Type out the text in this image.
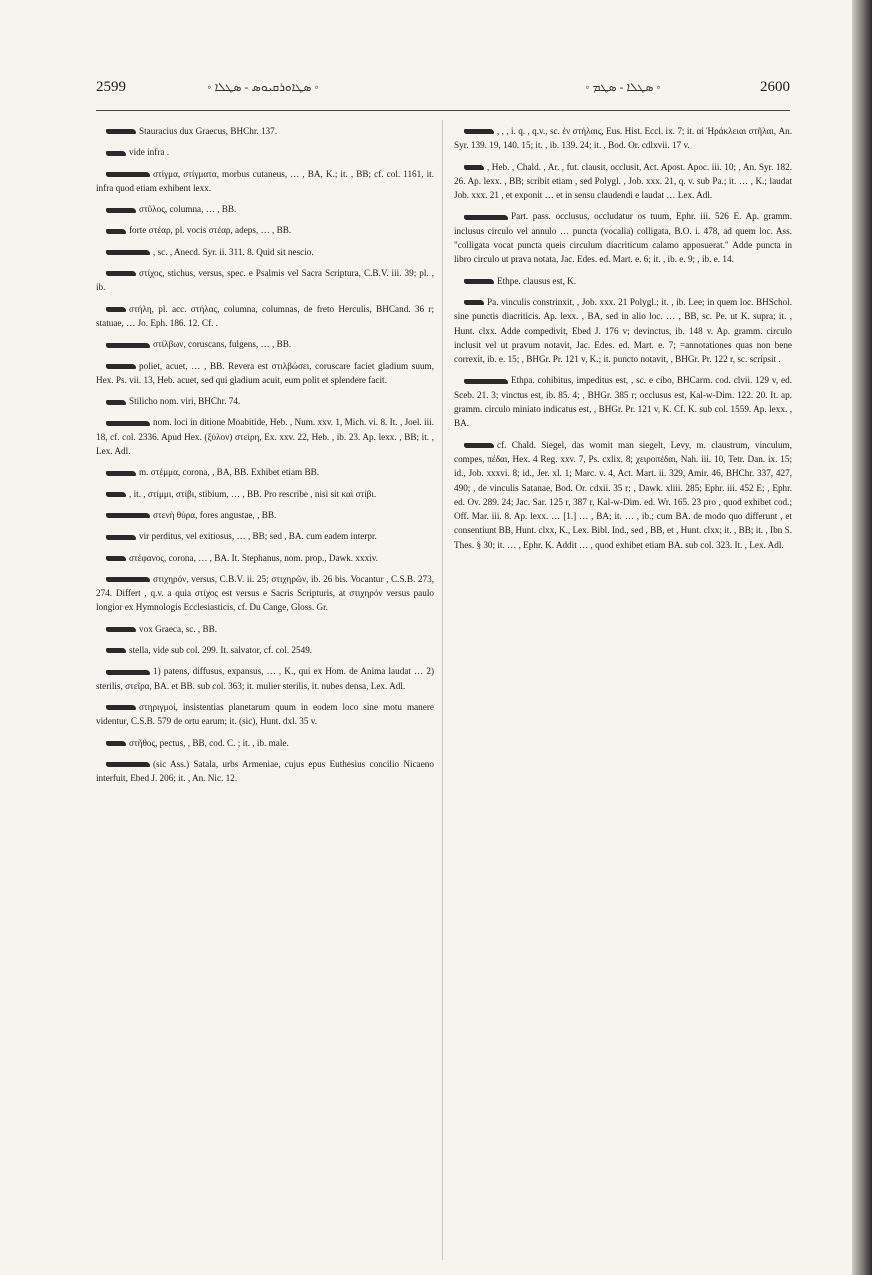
2599	◦ ܣܛܐܘܪܩܝܘܣ - ܣܛܠܐ ◦	◦ ܣܛܠܐ - ܣܛܡ ◦	2600

Stauracius dux Graecus, BHChr. 137.

vide infra .

στίγμα, στίγματα, morbus cutaneus, … , BA, K.; it. , BB; cf. col. 1161, it. infra quod etiam exhibent lexx.

στῦλος, columna, … , BB.

forte στέαρ, pl. vocis στέαρ, adeps, … , BB.

, sc. , Anecd. Syr. ii. 311. 8. Quid sit nescio.

στίχος, stichus, versus, spec. e Psalmis vel Sacra Scriptura, C.B.V. iii. 39; pl. , ib.

στήλη, pl. acc. στήλας, columna, columnas, de freto Herculis, BHCand. 36 r; statuae, … Jo. Eph. 186. 12. Cf. .

στίλβων, coruscans, fulgens, … , BB.

poliet, acuet, … , BB. Revera est στιλβώσει, coruscare faciet gladium suum, Hex. Ps. vii. 13, Heb. acuet, sed qui gladium acuit, eum polit et splendere facit.

Stilicho nom. viri, BHChr. 74.

nom. loci in ditione Moabitide, Heb. , Num. xxv. 1, Mich. vi. 8. It. , Joel. iii. 18, cf. col. 2336. Apud Hex. (ξύλον) στείρη, Ex. xxv. 22, Heb. , ib. 23. Ap. lexx. , BB; it. , Lex. Adl.

m. στέμμα, corona, , BA, BB. Exhibet etiam BB.

, it. , στίμμι, στίβι, stibium, … , BB. Pro rescribe , nisi sit καὶ στίβι.

στενὴ θύρα, fores angustae, , BB.

vir perditus, vel exitiosus, … , BB; sed , BA. cum eadem interpr.

στέφανος, corona, … , BA. It. Stephanus, nom. prop., Dawk. xxxiv.

στιχηρόν, versus, C.B.V. ii. 25; στιχηρῶν, ib. 26 bis. Vocantur , C.S.B. 273, 274. Differt , q.v. a quia στίχος est versus e Sacris Scripturis, at στιχηρόν versus paulo longior ex Hymnologis Ecclesiasticis, cf. Du Cange, Gloss. Gr.

vox Graeca, sc. , BB.

stella, vide sub col. 299. It. salvator, cf. col. 2549.

1) patens, diffusus, expansus, … , K., qui ex Hom. de Anima laudat … 2) sterilis, στεῖρα, BA. et BB. sub col. 363; it. mulier sterilis, it. nubes densa, Lex. Adl.

στηριγμοί, insistentias planetarum quum in eodem loco sine motu manere videntur, C.S.B. 579 de ortu earum; it. (sic), Hunt. dxl. 35 v.

στῆθος, pectus, , BB, cod. C. ; it. , ib. male.

(sic Ass.) Satala, urbs Armeniae, cujus epus Euthesius concilio Nicaeno interfuit, Ebed J. 206; it. , An. Nic. 12.

, , , i. q. , q.v., sc. ἐν στήλαις, Eus. Hist. Eccl. ix. 7; it. αἱ Ἡράκλειαι στῆλαι, An. Syr. 139. 19, 140. 15; it. , ib. 139. 24; it. , Bod. Or. cdlxvii. 17 v.

, Heb. , Chald. , Ar. , fut. clausit, occlusit, Act. Apost. Apoc. iii. 10; , An. Syr. 182. 26. Ap. lexx. , BB; scribit etiam , sed Polygl. , Job. xxx. 21, q. v. sub Pa.; it. … , K.; laudat Job. xxx. 21 , et exponit … et in sensu claudendi e laudat … Lex. Adl.

Part. pass. occlusus, occludatur os tuum, Ephr. iii. 526 E. Ap. gramm. inclusus circulo vel annulo … puncta (vocalia) colligata, B.O. i. 478, ad quem loc. Ass. "colligata vocat puncta queis circulum diacriticum calamo apposuerat." Adde puncta in libro circulo ut prava notata, Jac. Edes. ed. Mart. e. 6; it. , ib. e. 9; , ib. e. 14.

Ethpe. clausus est, K.

Pa. vinculis constrinxit, , Job. xxx. 21 Polygl.; it. , ib. Lee; in quem loc. BHSchol. sine punctis diacriticis. Ap. lexx. , BA, sed in alio loc. … , BB, sc. Pe. ut K. supra; it. , Hunt. clxx. Adde compedivit, Ebed J. 176 v; devinctus, ib. 148 v. Ap. gramm. circulo inclusit vel ut pravum notavit, Jac. Edes. ed. Mart. e. 7; =annotationes quas non bene correxit, ib. e. 15; , BHGr. Pr. 121 v, K.; it. puncto notavit, , BHGr. Pr. 122 r, sc. scripsit .

Ethpa. cohibitus, impeditus est, , sc. e cibo, BHCarm. cod. clvii. 129 v, ed. Sceb. 21. 3; vinctus est, ib. 85. 4; , BHGr. 385 r; occlusus est, Kal-w-Dim. 122. 20. It. ap. gramm. circulo miniato indicatus est, , BHGr. Pr. 121 v, K. Cf. K. sub col. 1559. Ap. lexx. , BA.

cf. Chald. Siegel, das womit man siegelt, Levy, m. claustrum, vinculum, compes, πέδαι, Hex. 4 Reg. xxv. 7, Ps. cxlix. 8; χειροπέδαι, Nah. iii. 10, Tetr. Dan. ix. 15; id., Job. xxxvi. 8; id., Jer. xl. 1; Marc. v. 4, Act. Mart. ii. 329, Amir. 46, BHChr. 337, 427, 490; , de vinculis Satanae, Bod. Or. cdxii. 35 r; , Dawk. xliii. 285; Ephr. iii. 452 E; , Ephr. ed. Ov. 289. 24; Jac. Sar. 125 r, 387 r, Kal-w-Dim. ed. Wr. 165. 23 pro , quod exhibet cod.; Off. Mar. iii. 8. Ap. lexx. … [1.] … , BA; it. … , ib.; cum BA. de modo quo differunt , et consentiunt BB, Hunt. clxx, K., Lex. Bibl. Ind., sed , BB, et , Hunt. clxx; it. , BB; it. , Ibn S. Thes. § 30; it. … , Ephr. K. Addit … , quod exhibet etiam BA. sub col. 323. It. , Lex. Adl.
